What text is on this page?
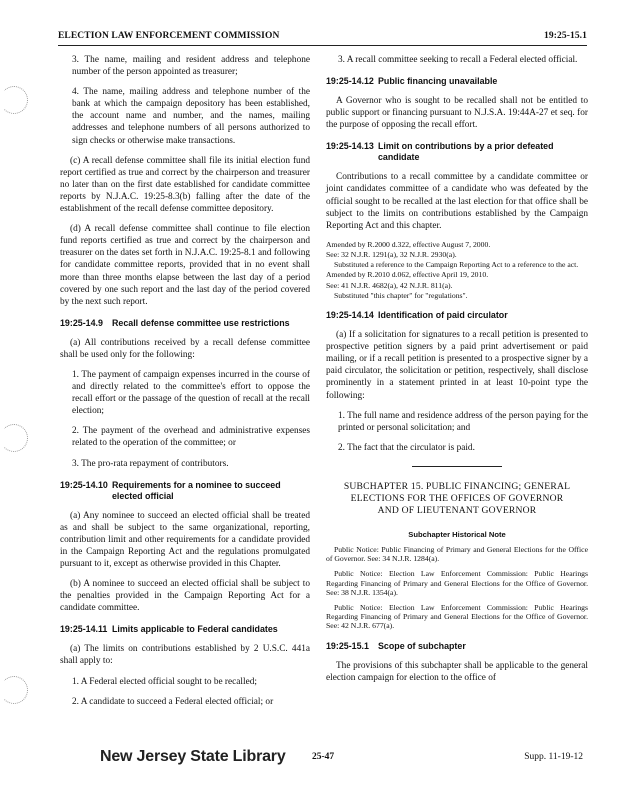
ELECTION LAW ENFORCEMENT COMMISSION	19:25-15.1

3. The name, mailing and resident address and telephone number of the person appointed as treasurer;

4. The name, mailing address and telephone number of the bank at which the campaign depository has been established, the account name and number, and the names, mailing addresses and telephone numbers of all persons authorized to sign checks or otherwise make transactions.

(c) A recall defense committee shall file its initial election fund report certified as true and correct by the chairperson and treasurer no later than on the first date established for candidate committee reports by N.J.A.C. 19:25-8.3(b) falling after the date of the establishment of the recall defense committee depository.

(d) A recall defense committee shall continue to file election fund reports certified as true and correct by the chairperson and treasurer on the dates set forth in N.J.A.C. 19:25-8.1 and following for candidate committee reports, provided that in no event shall more than three months elapse between the last day of a period covered by one such report and the last day of the period covered by the next such report.

19:25-14.9 Recall defense committee use restrictions

(a) All contributions received by a recall defense committee shall be used only for the following:

1. The payment of campaign expenses incurred in the course of and directly related to the committee's effort to oppose the recall effort or the passage of the question of recall at the recall election;

2. The payment of the overhead and administrative expenses related to the operation of the committee; or

3. The pro-rata repayment of contributors.

19:25-14.10 Requirements for a nominee to succeed
elected official

(a) Any nominee to succeed an elected official shall be treated as and shall be subject to the same organizational, reporting, contribution limit and other requirements for a candidate provided in the Campaign Reporting Act and the regulations promulgated pursuant to it, except as otherwise provided in this Chapter.

(b) A nominee to succeed an elected official shall be subject to the penalties provided in the Campaign Reporting Act for a candidate committee.

19:25-14.11 Limits applicable to Federal candidates

(a) The limits on contributions established by 2 U.S.C. 441a shall apply to:

1. A Federal elected official sought to be recalled;

2. A candidate to succeed a Federal elected official; or

3. A recall committee seeking to recall a Federal elected official.

19:25-14.12 Public financing unavailable

A Governor who is sought to be recalled shall not be entitled to public support or financing pursuant to N.J.S.A. 19:44A-27 et seq. for the purpose of opposing the recall effort.

19:25-14.13 Limit on contributions by a prior defeated
candidate

Contributions to a recall committee by a candidate committee or joint candidates committee of a candidate who was defeated by the official sought to be recalled at the last election for that office shall be subject to the limits on contributions established by the Campaign Reporting Act and this chapter.

Amended by R.2000 d.322, effective August 7, 2000.

See: 32 N.J.R. 1291(a), 32 N.J.R. 2930(a).

Substituted a reference to the Campaign Reporting Act to a reference to the act.

Amended by R.2010 d.062, effective April 19, 2010.

See: 41 N.J.R. 4682(a), 42 N.J.R. 811(a).

Substituted "this chapter" for "regulations".

19:25-14.14 Identification of paid circulator

(a) If a solicitation for signatures to a recall petition is presented to prospective petition signers by a paid print advertisement or paid mailing, or if a recall petition is presented to a prospective signer by a paid circulator, the solicitation or petition, respectively, shall disclose prominently in a statement printed in at least 10-point type the following:

1. The full name and residence address of the person paying for the printed or personal solicitation; and

2. The fact that the circulator is paid.

SUBCHAPTER 15. PUBLIC FINANCING; GENERAL
ELECTIONS FOR THE OFFICES OF GOVERNOR
AND OF LIEUTENANT GOVERNOR
Subchapter Historical Note

Public Notice: Public Financing of Primary and General Elections for the Office of Governor. See: 34 N.J.R. 1284(a).

Public Notice: Election Law Enforcement Commission: Public Hearings Regarding Financing of Primary and General Elections for the Office of Governor. See: 38 N.J.R. 1354(a).

Public Notice: Election Law Enforcement Commission: Public Hearings Regarding Financing of Primary and General Elections for the Office of Governor. See: 42 N.J.R. 677(a).

19:25-15.1 Scope of subchapter

The provisions of this subchapter shall be applicable to the general election campaign for election to the office of

New Jersey State Library	25-47	Supp. 11-19-12
